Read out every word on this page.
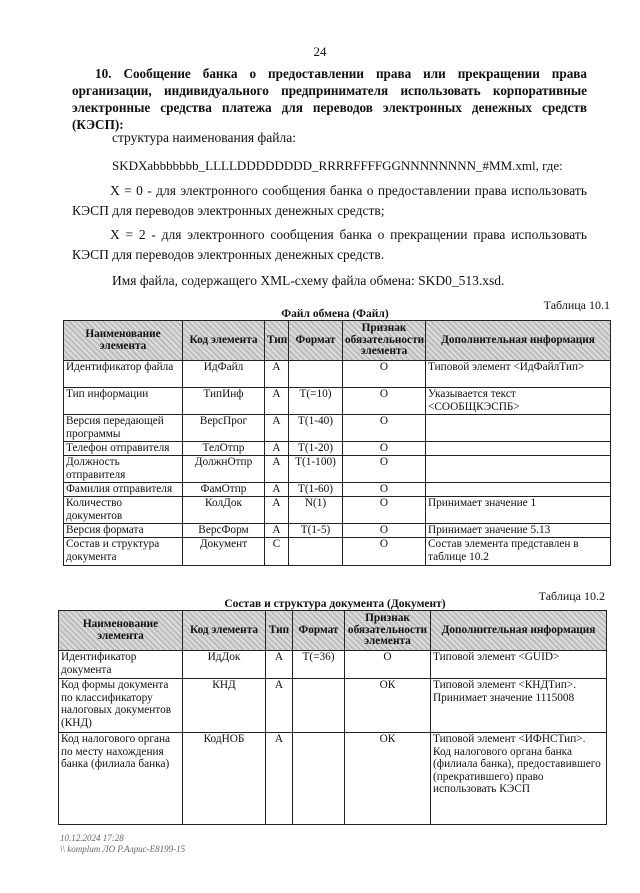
24
10. Сообщение банка о предоставлении права или прекращении права организации, индивидуального предпринимателя использовать корпоративные электронные средства платежа для переводов электронных денежных средств (КЭСП):
структура наименования файла:
SKDXabbbbbbb_LLLLDDDDDDDD_RRRRFFFFGGNNNNNNNN_#MM.xml, где:
X = 0 - для электронного сообщения банка о предоставлении права использовать КЭСП для переводов электронных денежных средств;
X = 2 - для электронного сообщения банка о прекращении права использовать КЭСП для переводов электронных денежных средств.
Имя файла, содержащего XML-схему файла обмена: SKD0_513.xsd.
Таблица 10.1
Файл обмена (Файл)
Наименование элемента	Код элемента	Тип	Формат	Признак обязательности элемента	Дополнительная информация
Идентификатор файла	ИдФайл	А		О	Типовой элемент <ИдФайлТип>
Тип информации	ТипИнф	А	Т(=10)	О	Указывается текст <СООБЩКЭСПБ>
Версия передающей программы	ВерсПрог	А	Т(1-40)	О	
Телефон отправителя	ТелОтпр	А	Т(1-20)	О	
Должность отправителя	ДолжнОтпр	А	Т(1-100)	О	
Фамилия отправителя	ФамОтпр	А	Т(1-60)	О	
Количество документов	КолДок	А	N(1)	О	Принимает значение 1
Версия формата	ВерсФорм	А	Т(1-5)	О	Принимает значение 5.13
Состав и структура документа	Документ	С		О	Состав элемента представлен в таблице 10.2
Таблица 10.2
Состав и структура документа (Документ)
Наименование элемента	Код элемента	Тип	Формат	Признак обязательности элемента	Дополнительная информация
Идентификатор документа	ИдДок	А	Т(=36)	О	Типовой элемент <GUID>
Код формы документа по классификатору налоговых документов (КНД)	КНД	А		ОК	Типовой элемент <КНДТип>. Принимает значение 1115008
Код налогового органа по месту нахождения банка (филиала банка)	КодНОБ	А		ОК	Типовой элемент <ИФНСТип>. Код налогового органа банка (филиала банка), предоставившего (прекратившего) право использовать КЭСП
10.12.2024 17:28
\\ komplum ЛО Р.Алрис-Е8199-15
